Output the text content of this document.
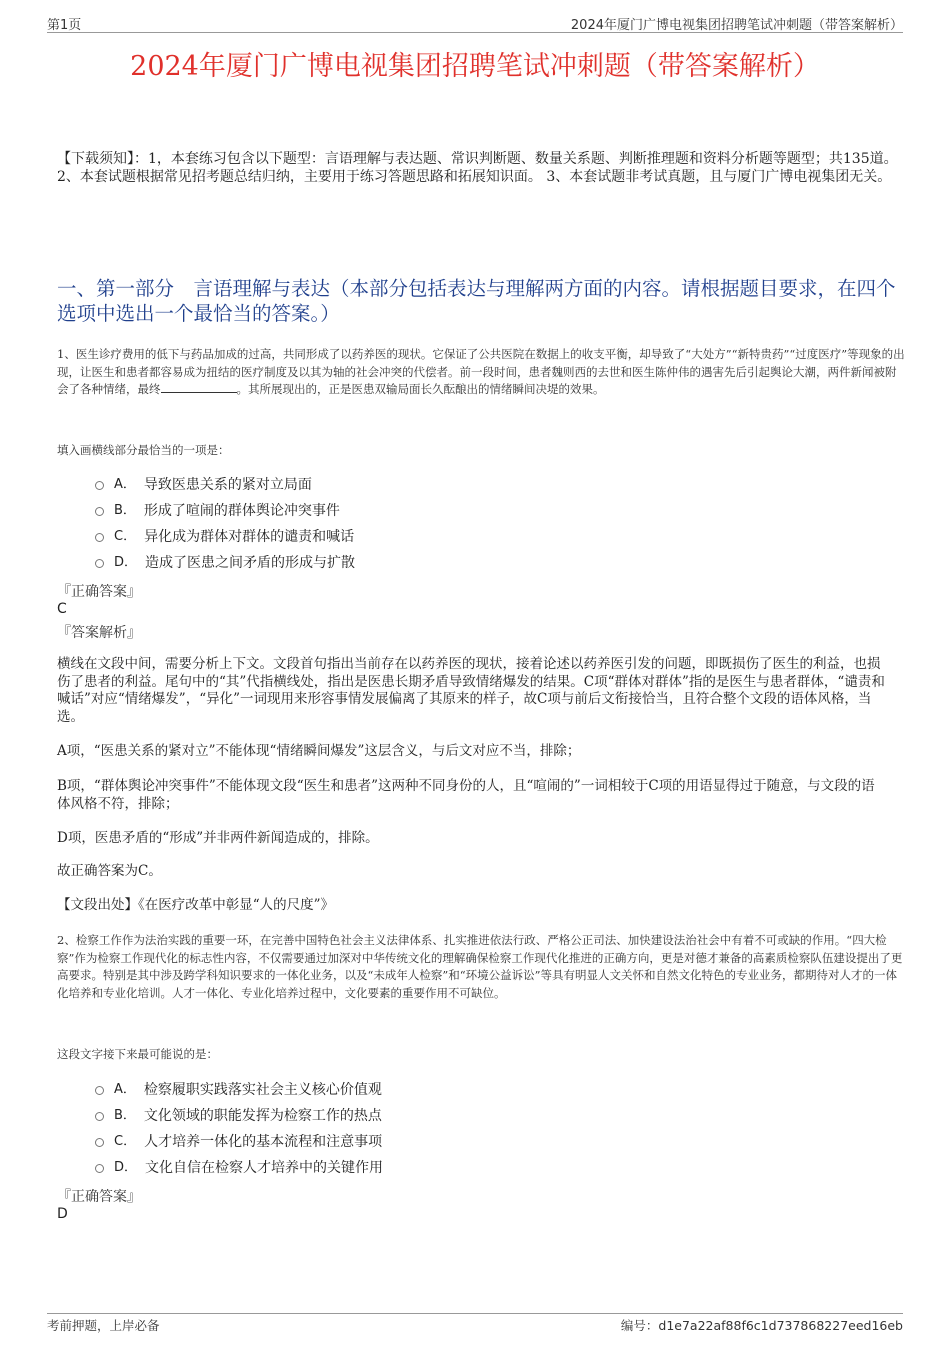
第1页	2024年厦门广博电视集团招聘笔试冲刺题（带答案解析）
2024年厦门广博电视集团招聘笔试冲刺题（带答案解析）
【下载须知】：1，本套练习包含以下题型：言语理解与表达题、常识判断题、数量关系题、判断推理题和资料分析题等题型；共135道。 2、本套试题根据常见招考题总结归纳，主要用于练习答题思路和拓展知识面。 3、本套试题非考试真题，且与厦门广博电视集团无关。
一、第一部分　言语理解与表达（本部分包括表达与理解两方面的内容。请根据题目要求，在四个选项中选出一个最恰当的答案。）
1、医生诊疗费用的低下与药品加成的过高，共同形成了以药养医的现状。它保证了公共医院在数据上的收支平衡，却导致了“大处方”“新特贵药”“过度医疗”等现象的出现，让医生和患者都容易成为扭结的医疗制度及以其为轴的社会冲突的代偿者。前一段时间，患者魏则西的去世和医生陈仲伟的遇害先后引起舆论大潮，两件新闻被附会了各种情绪，最终	。其所展现出的，正是医患双输局面长久酝酿出的情绪瞬间决堤的效果。
填入画横线部分最恰当的一项是：
A． 导致医患关系的紧对立局面
B． 形成了喧闹的群体舆论冲突事件
C． 异化成为群体对群体的谴责和喊话
D． 造成了医患之间矛盾的形成与扩散
『正确答案』
C
『答案解析』
横线在文段中间，需要分析上下文。文段首句指出当前存在以药养医的现状，接着论述以药养医引发的问题，即既损伤了医生的利益，也损伤了患者的利益。尾句中的“其”代指横线处，指出是医患长期矛盾导致情绪爆发的结果。C项“群体对群体”指的是医生与患者群体，“谴责和喊话”对应“情绪爆发”，“异化”一词现用来形容事情发展偏离了其原来的样子，故C项与前后文衔接恰当，且符合整个文段的语体风格，当选。
A项，“医患关系的紧对立”不能体现“情绪瞬间爆发”这层含义，与后文对应不当，排除；
B项，“群体舆论冲突事件”不能体现文段“医生和患者”这两种不同身份的人，且“喧闹的”一词相较于C项的用语显得过于随意，与文段的语体风格不符，排除；
D项，医患矛盾的“形成”并非两件新闻造成的，排除。
故正确答案为C。
【文段出处】《在医疗改革中彰显“人的尺度”》
2、检察工作作为法治实践的重要一环，在完善中国特色社会主义法律体系、扎实推进依法行政、严格公正司法、加快建设法治社会中有着不可或缺的作用。“四大检察”作为检察工作现代化的标志性内容，不仅需要通过加深对中华传统文化的理解确保检察工作现代化推进的正确方向，更是对德才兼备的高素质检察队伍建设提出了更高要求。特别是其中涉及跨学科知识要求的一体化业务，以及“未成年人检察”和“环境公益诉讼”等具有明显人文关怀和自然文化特色的专业业务，都期待对人才的一体化培养和专业化培训。人才一体化、专业化培养过程中，文化要素的重要作用不可缺位。
这段文字接下来最可能说的是：
A． 检察履职实践落实社会主义核心价值观
B． 文化领域的职能发挥为检察工作的热点
C． 人才培养一体化的基本流程和注意事项
D． 文化自信在检察人才培养中的关键作用
『正确答案』
D
考前押题，上岸必备	编号：d1e7a22af88f6c1d737868227eed16eb
